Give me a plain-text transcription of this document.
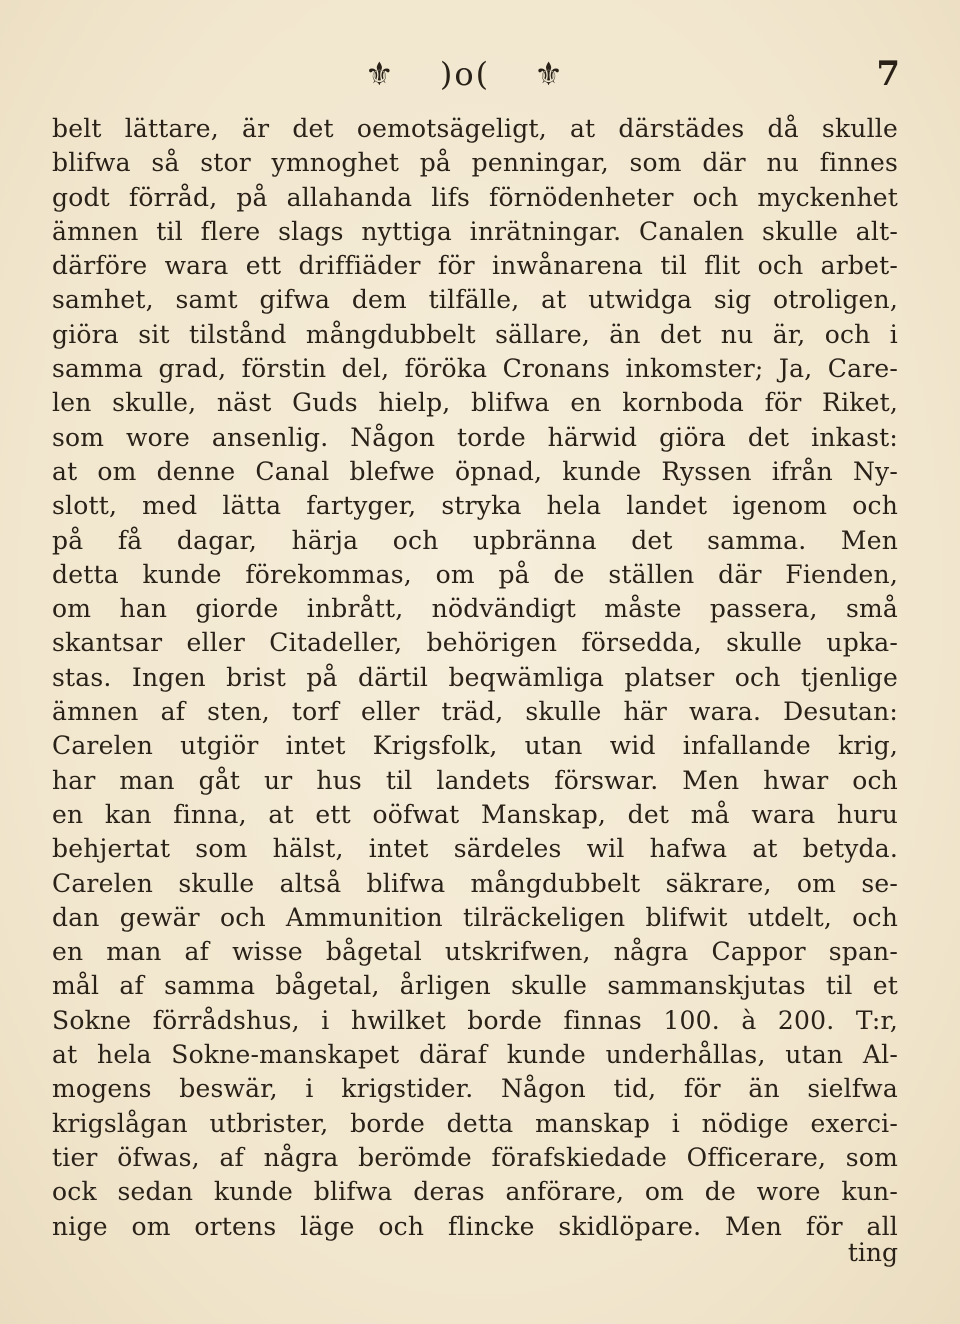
⚜ )o( ⚜	7
belt lättare, är det oemotsägeligt, at därstädes då skulle
blifwa så stor ymnoghet på penningar, som där nu finnes
godt förråd, på allahanda lifs förnödenheter och myckenhet
ämnen til flere slags nyttiga inrätningar. Canalen skulle alt-
därföre wara ett driffiäder för inwånarena til flit och arbet-
samhet, samt gifwa dem tilfälle, at utwidga sig otroligen,
giöra sit tilstånd mångdubbelt sällare, än det nu är, och i
samma grad, förstin del, föröka Cronans inkomster; Ja, Care-
len skulle, näst Guds hielp, blifwa en kornboda för Riket,
som wore ansenlig. Någon torde härwid giöra det inkast:
at om denne Canal blefwe öpnad, kunde Ryssen ifrån Ny-
slott, med lätta fartyger, stryka hela landet igenom och
på få dagar, härja och upbränna det samma. Men
detta kunde förekommas, om på de ställen där Fienden,
om han giorde inbrått, nödvändigt måste passera, små
skantsar eller Citadeller, behörigen försedda, skulle upka-
stas. Ingen brist på därtil beqwämliga platser och tjenlige
ämnen af sten, torf eller träd, skulle här wara. Desutan:
Carelen utgiör intet Krigsfolk, utan wid infallande krig,
har man gåt ur hus til landets förswar. Men hwar och
en kan finna, at ett oöfwat Manskap, det må wara huru
behjertat som hälst, intet särdeles wil hafwa at betyda.
Carelen skulle altså blifwa mångdubbelt säkrare, om se-
dan gewär och Ammunition tilräckeligen blifwit utdelt, och
en man af wisse bågetal utskrifwen, några Cappor span-
mål af samma bågetal, årligen skulle sammanskjutas til et
Sokne förrådshus, i hwilket borde finnas 100. à 200. T:r,
at hela Sokne-manskapet däraf kunde underhållas, utan Al-
mogens beswär, i krigstider. Någon tid, för än sielfwa
krigslågan utbrister, borde detta manskap i nödige exerci-
tier öfwas, af några berömde förafskiedade Officerare, som
ock sedan kunde blifwa deras anförare, om de wore kun-
nige om ortens läge och flincke skidlöpare. Men för all
ting
